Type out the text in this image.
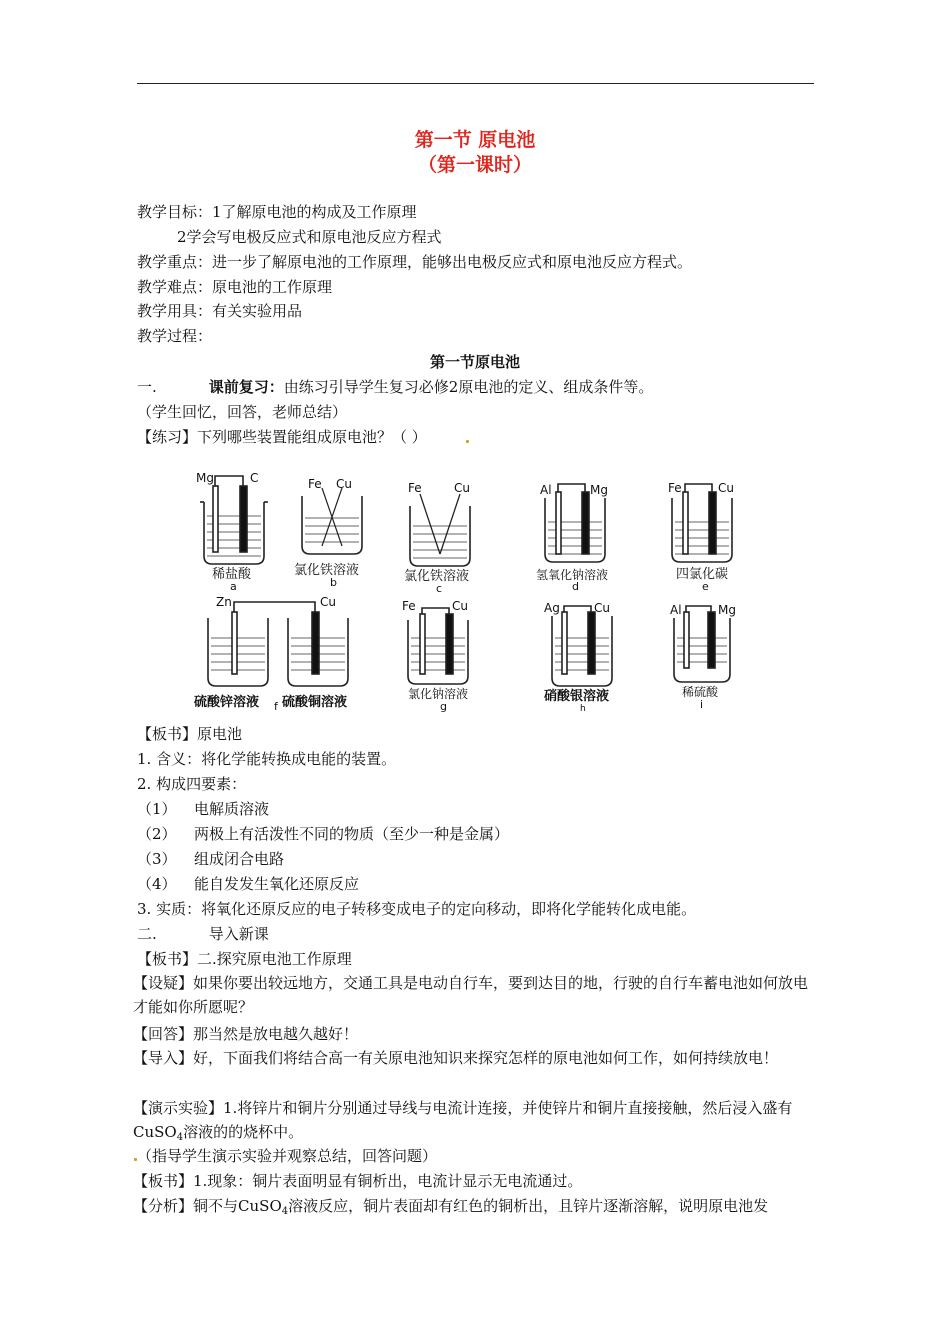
第一节 原电池
（第一课时）
教学目标：1了解原电池的构成及工作原理
2学会写电极反应式和原电池反应方程式
教学重点：进一步了解原电池的工作原理，能够出电极反应式和原电池反应方程式。
教学难点：原电池的工作原理
教学用具：有关实验用品
教学过程：
第一节原电池
一.	课前复习：由练习引导学生复习必修2原电池的定义、组成条件等。
（学生回忆，回答，老师总结）
【练习】下列哪些装置能组成原电池？（ ）
Mg	C	Fe Cu	Fe	Cu	Al	Mg	Fe	Cu
Zn	Cu	Fe	Cu	Ag	Cu	Al	Mg
稀盐酸	氯化铁溶液	氯化铁溶液	氢氧化钠溶液	四氯化碳
硫酸锌溶液 硫酸铜溶液
氯化钠溶液	硝酸银溶液	稀硫酸
a	b	c	d	e
f	g	h	i
【板书】原电池
1. 含义：将化学能转换成电能的装置。
2. 构成四要素：
（1） 电解质溶液
（2） 两极上有活泼性不同的物质（至少一种是金属）
（3） 组成闭合电路
（4） 能自发发生氧化还原反应
3. 实质：将氧化还原反应的电子转移变成电子的定向移动，即将化学能转化成电能。
二.	导入新课
【板书】二.探究原电池工作原理
【设疑】如果你要出较远地方，交通工具是电动自行车，要到达目的地，行驶的自行车蓄电池如何放电才能如你所愿呢？
【回答】那当然是放电越久越好！
【导入】好，下面我们将结合高一有关原电池知识来探究怎样的原电池如何工作，如何持续放电！
【演示实验】1.将锌片和铜片分别通过导线与电流计连接，并使锌片和铜片直接接触，然后浸入盛有CuSO$_4$溶液的的烧杯中。
（指导学生演示实验并观察总结，回答问题）
【板书】1.现象：铜片表面明显有铜析出，电流计显示无电流通过。
【分析】铜不与CuSO$_4$溶液反应，铜片表面却有红色的铜析出，且锌片逐渐溶解，说明原电池发
